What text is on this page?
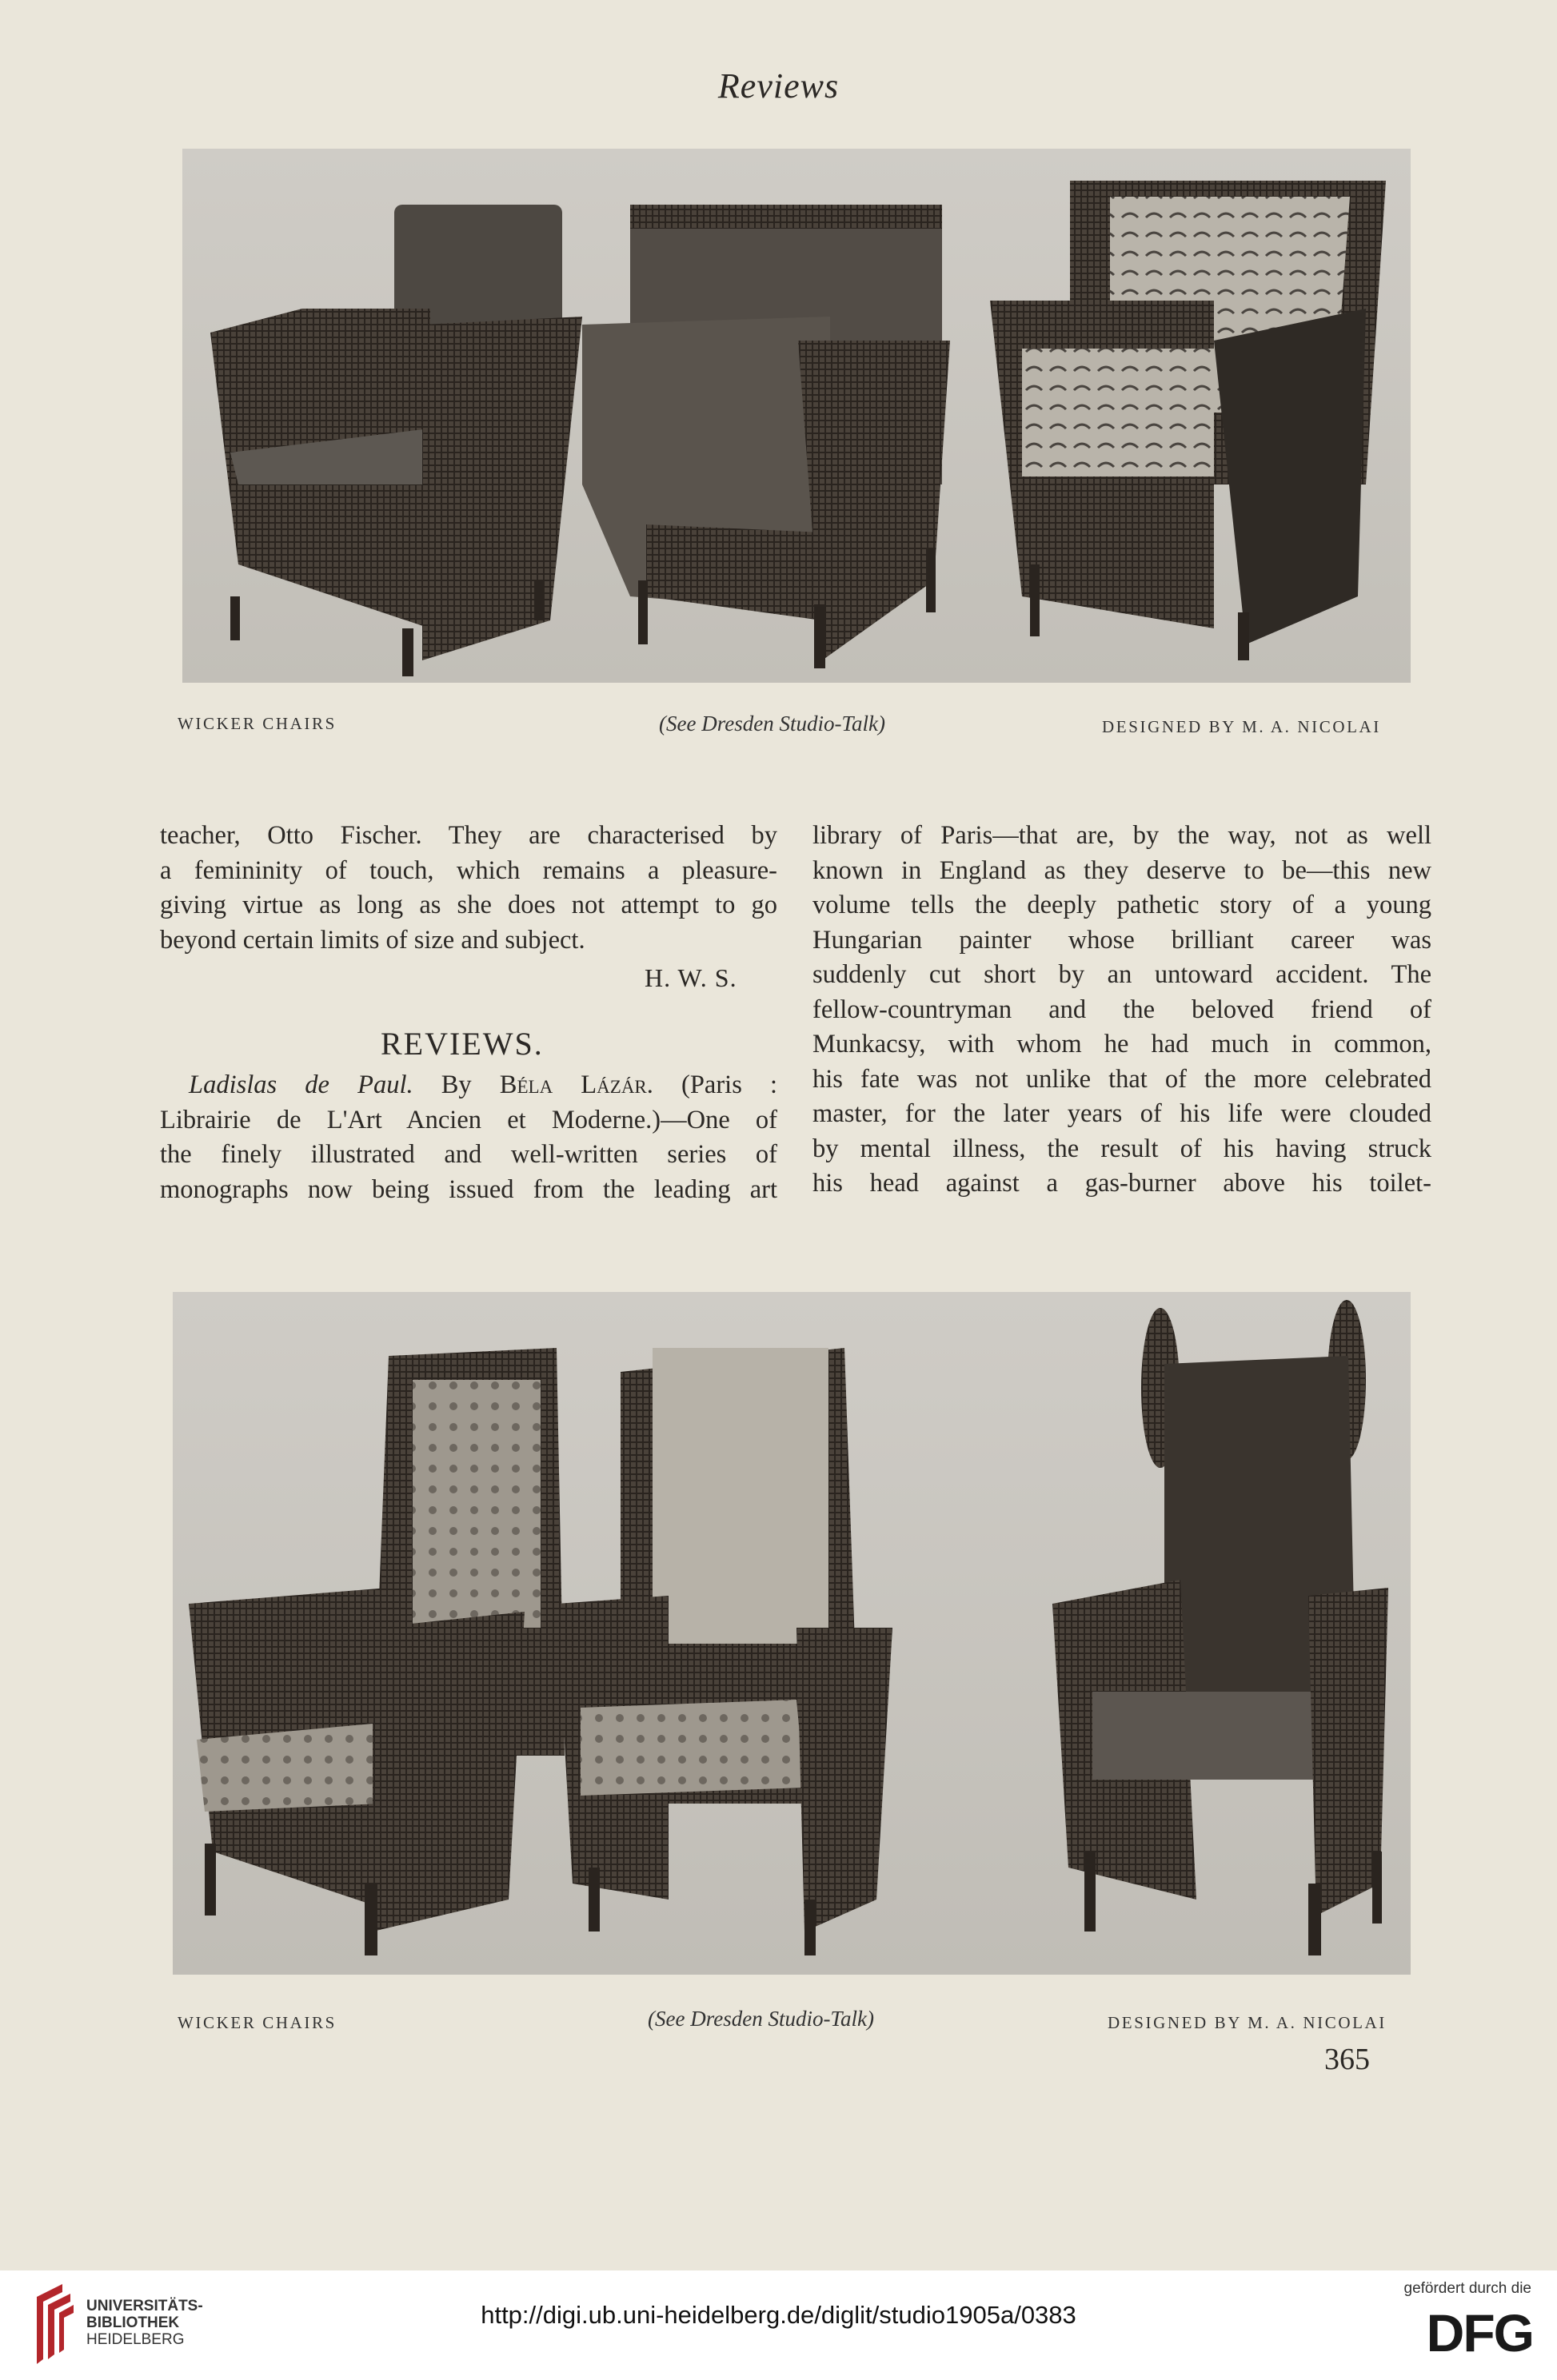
Reviews
WICKER CHAIRS	(See Dresden Studio-Talk)	DESIGNED BY M. A. NICOLAI
teacher, Otto Fischer. They are characterised by
a femininity of touch, which remains a pleasure-
giving virtue as long as she does not attempt to go
beyond certain limits of size and subject.
H. W. S.
REVIEWS.
Ladislas de Paul. By Béla Lázár. (Paris :
Librairie de L'Art Ancien et Moderne.)—One of
the finely illustrated and well-written series of
monographs now being issued from the leading art
library of Paris—that are, by the way, not as well
known in England as they deserve to be—this new
volume tells the deeply pathetic story of a young
Hungarian painter whose brilliant career was
suddenly cut short by an untoward accident. The
fellow-countryman and the beloved friend of
Munkacsy, with whom he had much in common,
his fate was not unlike that of the more celebrated
master, for the later years of his life were clouded
by mental illness, the result of his having struck
his head against a gas-burner above his toilet-
WICKER CHAIRS	(See Dresden Studio-Talk)	DESIGNED BY M. A. NICOLAI
365
UNIVERSITÄTS-
BIBLIOTHEK
HEIDELBERG
http://digi.ub.uni-heidelberg.de/diglit/studio1905a/0383
gefördert durch die
DFG
